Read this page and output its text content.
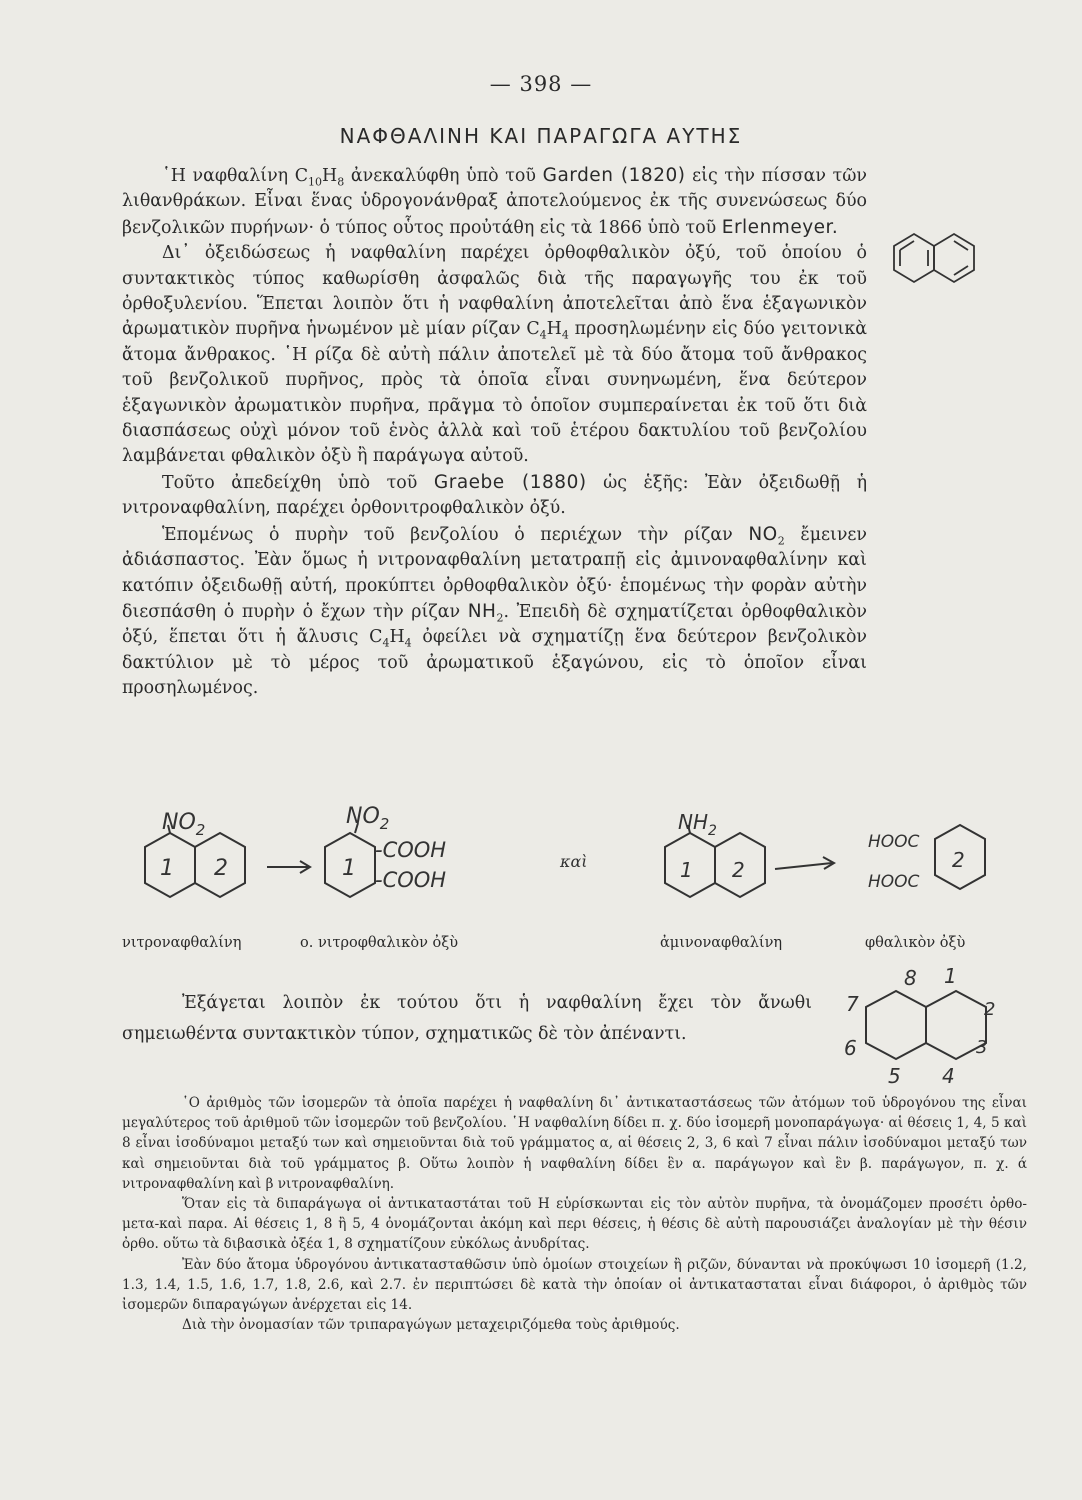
— 398 —
ΝΑΦΘΑΛΙΝΗ ΚΑΙ ΠΑΡΑΓΩΓΑ ΑΥΤΗΣ

῾Η ναφθαλίνη $C_{10}H_8$ ἀνεκαλύφθη ὑπὸ τοῦ Garden (1820) εἰς τὴν πίσσαν τῶν λιθανθράκων. Εἶναι ἕνας ὑδρογονάνθραξ ἀποτελούμενος ἐκ τῆς συνενώσεως δύο βενζολικῶν πυρήνων· ὁ τύπος οὗτος προὐτάθη εἰς τὰ 1866 ὑπὸ τοῦ Erlenmeyer.

Δι᾿ ὀξειδώσεως ἡ ναφθαλίνη παρέχει ὀρθοφθαλικὸν ὀξύ, τοῦ ὁποίου ὁ συντακτικὸς τύπος καθωρίσθη ἀσφαλῶς διὰ τῆς παραγωγῆς του ἐκ τοῦ ὀρθοξυλενίου. Ἕπεται λοιπὸν ὅτι ἡ ναφθαλίνη ἀποτελεῖται ἀπὸ ἕνα ἑξαγωνικὸν ἀρωματικὸν πυρῆνα ἡνωμένον μὲ μίαν ρίζαν $C_4H_4$ προσηλωμένην εἰς δύο γειτονικὰ ἄτομα ἄνθρακος. ῾Η ρίζα δὲ αὐτὴ πάλιν ἀποτελεῖ μὲ τὰ δύο ἄτομα τοῦ ἄνθρακος τοῦ βενζολικοῦ πυρῆνος, πρὸς τὰ ὁποῖα εἶναι συνηνωμένη, ἕνα δεύτερον ἑξαγωνικὸν ἀρωματικὸν πυρῆνα, πρᾶγμα τὸ ὁποῖον συμπεραίνεται ἐκ τοῦ ὅτι διὰ διασπάσεως οὐχὶ μόνον τοῦ ἑνὸς ἀλλὰ καὶ τοῦ ἑτέρου δακτυλίου τοῦ βενζολίου λαμβάνεται φθαλικὸν ὀξὺ ἢ παράγωγα αὐτοῦ.

Τοῦτο ἀπεδείχθη ὑπὸ τοῦ Graebe (1880) ὡς ἑξῆς: Ἐὰν ὀξειδωθῇ ἡ νιτροναφθαλίνη, παρέχει ὀρθονιτροφθαλικὸν ὀξύ.

Ἑπομένως ὁ πυρὴν τοῦ βενζολίου ὁ περιέχων τὴν ρίζαν $NO_2$ ἔμεινεν ἀδιάσπαστος. Ἐὰν ὅμως ἡ νιτροναφθαλίνη μετατραπῇ εἰς ἀμινοναφθαλίνην καὶ κατόπιν ὀξειδωθῇ αὐτή, προκύπτει ὀρθοφθαλικὸν ὀξύ· ἑπομένως τὴν φορὰν αὐτὴν διεσπάσθη ὁ πυρὴν ὁ ἔχων τὴν ρίζαν $NH_2$. Ἐπειδὴ δὲ σχηματίζεται ὀρθοφθαλικὸν ὀξύ, ἕπεται ὅτι ἡ ἄλυσις $C_4H_4$ ὀφείλει νὰ σχηματίζῃ ἕνα δεύτερον βενζολικὸν δακτύλιον μὲ τὸ μέρος τοῦ ἀρωματικοῦ ἑξαγώνου, εἰς τὸ ὁποῖον εἶναι προσηλωμένος.

$NO_2$
1 2
$NO_2$
1
-COOH
-COOH
καὶ
$NH_2$
1 2
HOOC
HOOC
2
νιτροναφθαλίνη	ο. νιτροφθαλικὸν ὀξὺ	ἀμινοναφθαλίνη	φθαλικὸν ὀξὺ

Ἐξάγεται λοιπὸν ἐκ τούτου ὅτι ἡ ναφθαλίνη ἔχει τὸν ἄνωθι σημειωθέντα συντακτικὸν τύπον, σχηματικῶς δὲ τὸν ἀπέναντι.

8 1
2
3
4
5
6
7

῾Ο ἀριθμὸς τῶν ἰσομερῶν τὰ ὁποῖα παρέχει ἡ ναφθαλίνη δι᾿ ἀντικαταστάσεως τῶν ἀτόμων τοῦ ὑδρογόνου της εἶναι μεγαλύτερος τοῦ ἀριθμοῦ τῶν ἰσομερῶν τοῦ βενζολίου. ῾Η ναφθαλίνη δίδει π. χ. δύο ἰσομερῆ μονοπαράγωγα· αἱ θέσεις 1, 4, 5 καὶ 8 εἶναι ἰσοδύναμοι μεταξύ των καὶ σημειοῦνται διὰ τοῦ γράμματος α, αἱ θέσεις 2, 3, 6 καὶ 7 εἶναι πάλιν ἰσοδύναμοι μεταξύ των καὶ σημειοῦνται διὰ τοῦ γράμματος β. Οὕτω λοιπὸν ἡ ναφθαλίνη δίδει ἓν α. παράγωγον καὶ ἓν β. παράγωγον, π. χ. ά νιτροναφθαλίνη καὶ β νιτροναφθαλίνη.

Ὅταν εἰς τὰ διπαράγωγα οἱ ἀντικαταστάται τοῦ Η εὑρίσκωνται εἰς τὸν αὐτὸν πυρῆνα, τὰ ὀνομάζομεν προσέτι ὀρθο-μετα-καὶ παρα. Αἱ θέσεις 1, 8 ἢ 5, 4 ὀνομάζονται ἀκόμη καὶ περι θέσεις, ἡ θέσις δὲ αὐτὴ παρουσιάζει ἀναλογίαν μὲ τὴν θέσιν ὀρθο. οὕτω τὰ διβασικὰ ὀξέα 1, 8 σχηματίζουν εὐκόλως ἀνυδρίτας.

Ἐὰν δύο ἄτομα ὑδρογόνου ἀντικατασταθῶσιν ὑπὸ ὁμοίων στοιχείων ἢ ριζῶν, δύνανται νὰ προκύψωσι 10 ἰσομερῆ (1.2, 1.3, 1.4, 1.5, 1.6, 1.7, 1.8, 2.6, καὶ 2.7. ἐν περιπτώσει δὲ κατὰ τὴν ὁποίαν οἱ ἀντικατασταται εἶναι διάφοροι, ὁ ἀριθμὸς τῶν ἰσομερῶν διπαραγώγων ἀνέρχεται εἰς 14.

Διὰ τὴν ὀνομασίαν τῶν τριπαραγώγων μεταχειριζόμεθα τοὺς ἀριθμούς.
